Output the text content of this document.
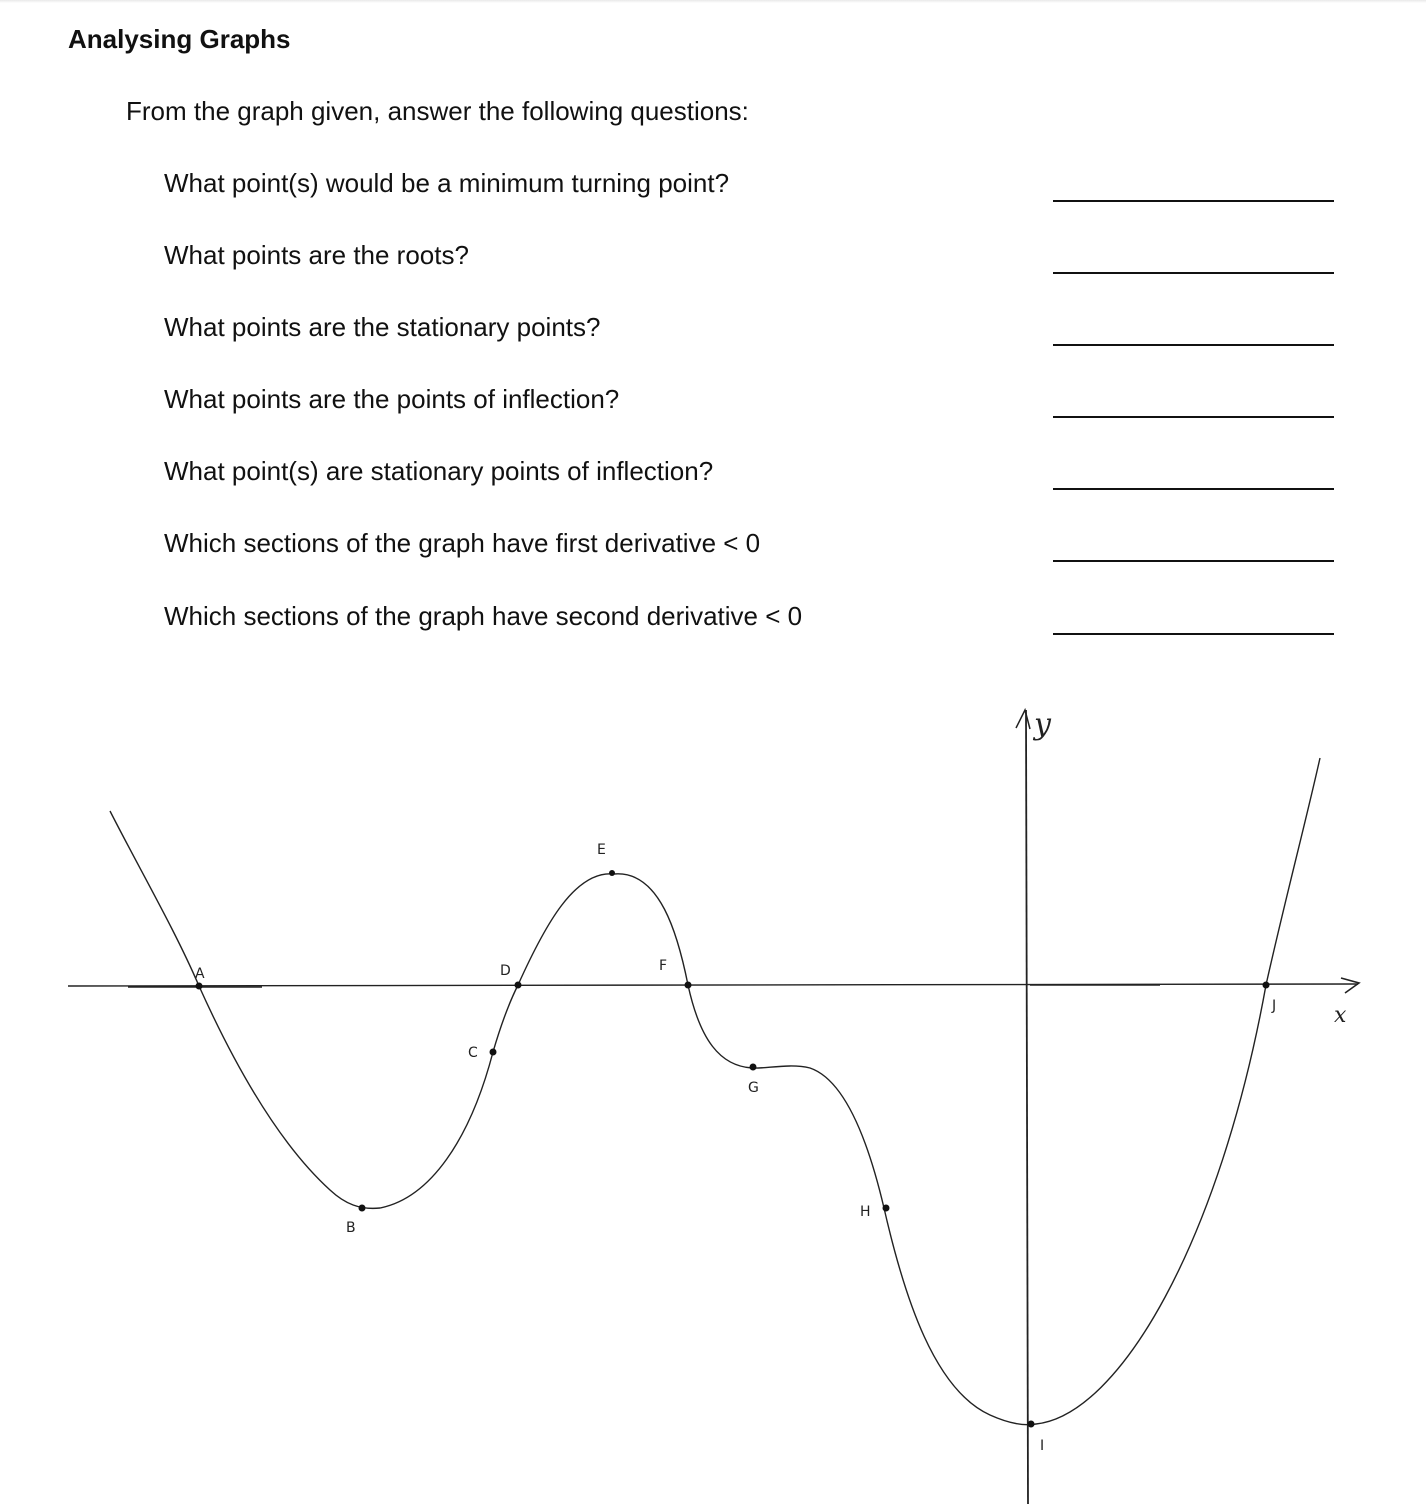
Analysing Graphs

From the graph given, answer the following questions:

What point(s) would be a minimum turning point?
What points are the roots?
What points are the stationary points?
What points are the points of inflection?
What point(s) are stationary points of inflection?
Which sections of the graph have first derivative < 0
Which sections of the graph have second derivative < 0
x
y
A
B
C
D
E
F
G
H
I
J
